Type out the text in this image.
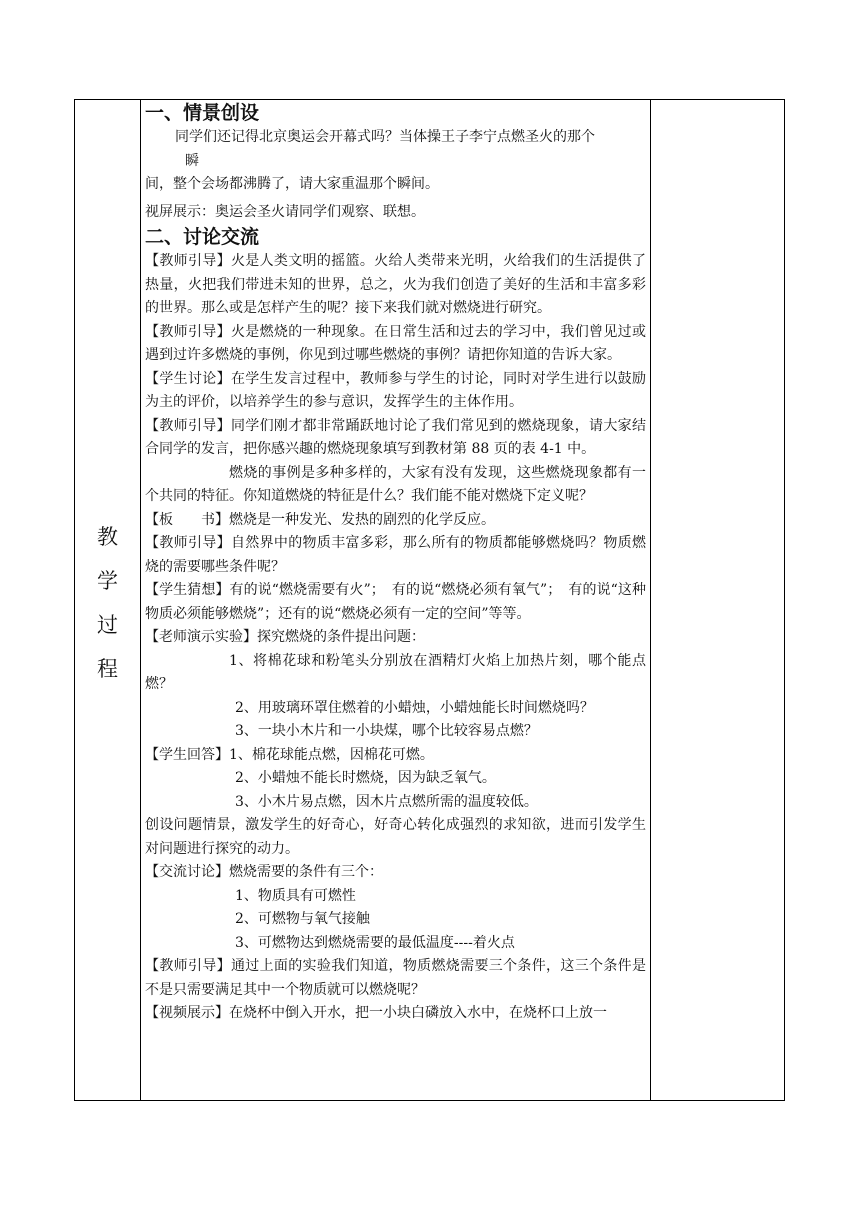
教
学
过
程

一、情景创设

同学们还记得北京奥运会开幕式吗？当体操王子李宁点燃圣火的那个

瞬

间，整个会场都沸腾了，请大家重温那个瞬间。

视屏展示：奥运会圣火请同学们观察、联想。

二、讨论交流

【教师引导】火是人类文明的摇篮。火给人类带来光明，火给我们的生活提供了热量，火把我们带进未知的世界，总之，火为我们创造了美好的生活和丰富多彩的世界。那么或是怎样产生的呢？接下来我们就对燃烧进行研究。

【教师引导】火是燃烧的一种现象。在日常生活和过去的学习中，我们曾见过或遇到过许多燃烧的事例，你见到过哪些燃烧的事例？请把你知道的告诉大家。

【学生讨论】在学生发言过程中，教师参与学生的讨论，同时对学生进行以鼓励为主的评价，以培养学生的参与意识，发挥学生的主体作用。

【教师引导】同学们刚才都非常踊跃地讨论了我们常见到的燃烧现象，请大家结合同学的发言，把你感兴趣的燃烧现象填写到教材第 88 页的表 4-1 中。

燃烧的事例是多种多样的，大家有没有发现，这些燃烧现象都有一个共同的特征。你知道燃烧的特征是什么？我们能不能对燃烧下定义呢？

【板　　书】燃烧是一种发光、发热的剧烈的化学反应。

【教师引导】自然界中的物质丰富多彩，那么所有的物质都能够燃烧吗？物质燃烧的需要哪些条件呢？

【学生猜想】有的说“燃烧需要有火”；　有的说“燃烧必须有氧气”；　有的说“这种物质必须能够燃烧”；还有的说“燃烧必须有一定的空间”等等。

【老师演示实验】探究燃烧的条件提出问题：

1、将棉花球和粉笔头分别放在酒精灯火焰上加热片刻，哪个能点燃？

2、用玻璃环罩住燃着的小蜡烛，小蜡烛能长时间燃烧吗？

3、一块小木片和一小块煤，哪个比较容易点燃？

【学生回答】1、棉花球能点燃，因棉花可燃。

2、小蜡烛不能长时燃烧，因为缺乏氧气。

3、小木片易点燃，因木片点燃所需的温度较低。

创设问题情景，激发学生的好奇心，好奇心转化成强烈的求知欲，进而引发学生对问题进行探究的动力。

【交流讨论】燃烧需要的条件有三个：

1、物质具有可燃性

2、可燃物与氧气接触

3、可燃物达到燃烧需要的最低温度----着火点

【教师引导】通过上面的实验我们知道，物质燃烧需要三个条件，这三个条件是不是只需要满足其中一个物质就可以燃烧呢？

【视频展示】在烧杯中倒入开水，把一小块白磷放入水中，在烧杯口上放一
